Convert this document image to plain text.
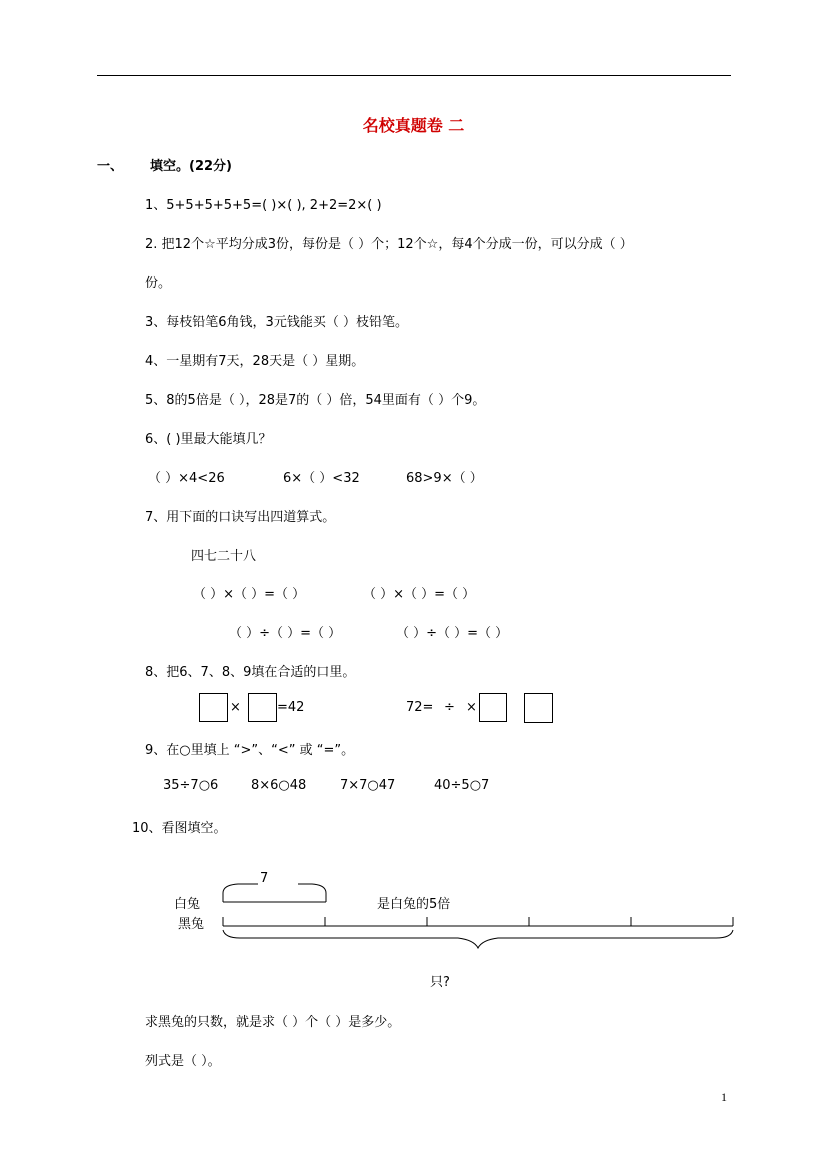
名校真题卷 二
一、 填空。(22分)
1、5+5+5+5+5=( )×( ), 2+2=2×( )
2. 把12个☆平均分成3份，每份是（ ）个；12个☆，每4个分成一份，可以分成（ ）
份。
3、每枝铅笔6角钱，3元钱能买（ ）枝铅笔。
4、一星期有7天，28天是（ ）星期。
5、8的5倍是（ ），28是7的（ ）倍，54里面有（ ）个9。
6、( )里最大能填几？
（ ）×4<26	6×（ ）<32	68>9×（ ）
7、用下面的口诀写出四道算式。
四七二十八
（ ）×（ ）=（ ）	（ ）×（ ）=（ ）
（ ）÷（ ）=（ ）	（ ）÷（ ）=（ ）
8、把6、7、8、9填在合适的口里。
×	=42	72= ÷ ×
9、在○里填上 “>”、“<” 或 “=”。
35÷7○6	8×6○48	7×7○47	40÷5○7
10、看图填空。
白兔
黑兔
7
是白兔的5倍
只?
求黑兔的只数，就是求（ ）个（ ）是多少。
列式是（ ）。
1
